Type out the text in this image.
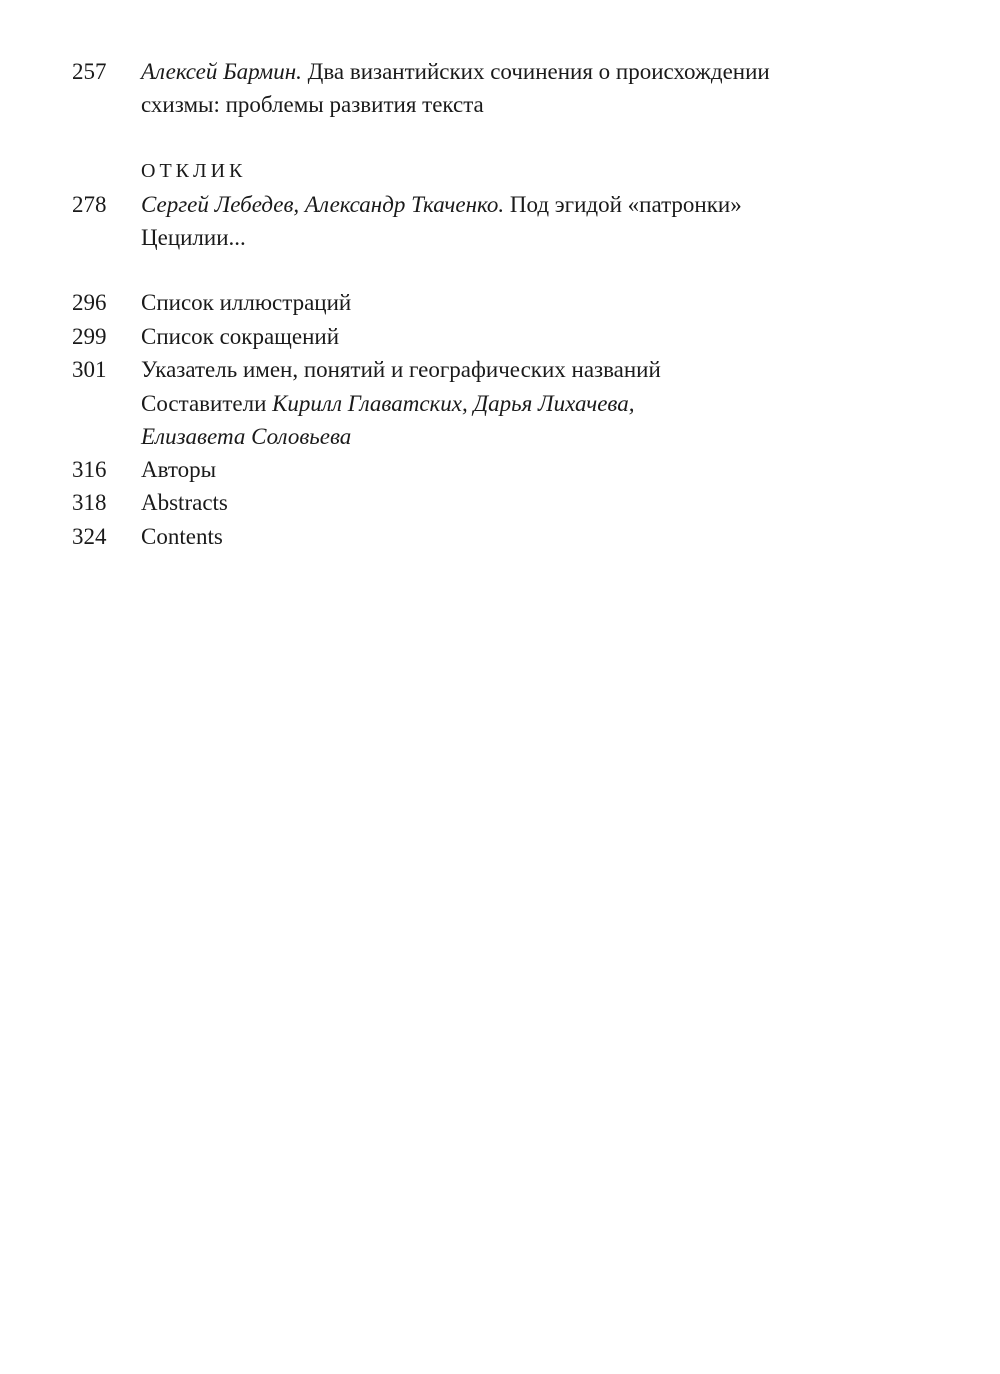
257 Алексей Бармин. Два византийских сочинения о происхождении
схизмы: проблемы развития текста
ОТКЛИК
278 Сергей Лебедев, Александр Ткаченко. Под эгидой «патронки»
Цецилии...
296 Список иллюстраций
299 Список сокращений
301 Указатель имен, понятий и географических названий
Составители Кирилл Главатских, Дарья Лихачева,
Елизавета Соловьева
316 Авторы
318 Abstracts
324 Contents
